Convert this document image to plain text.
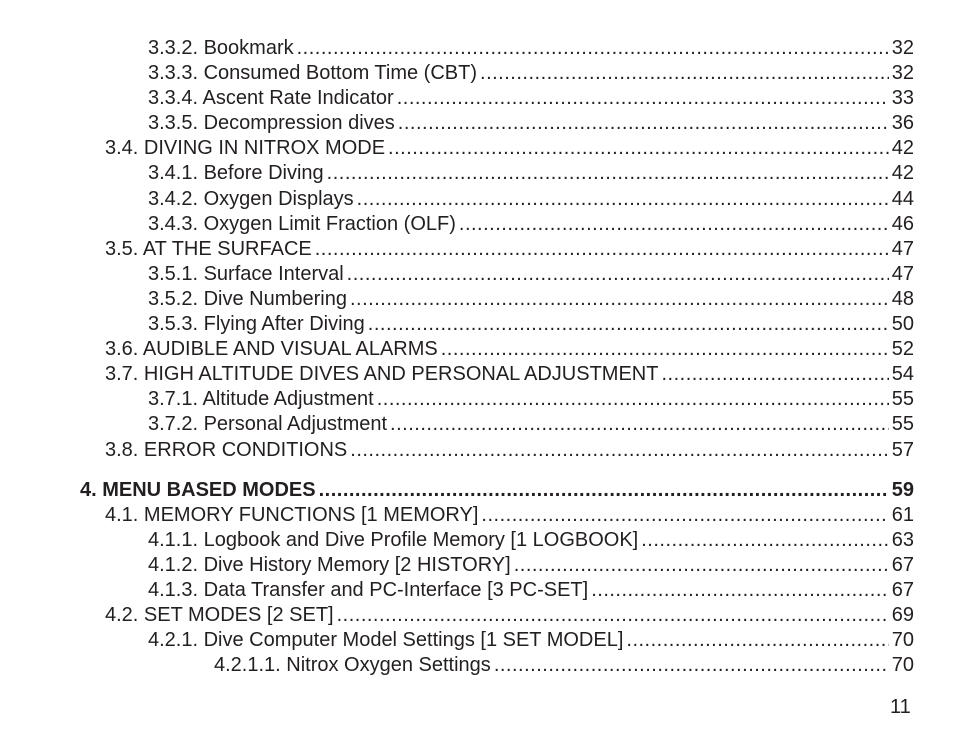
3.3.2. Bookmark .....	32
3.3.3. Consumed Bottom Time (CBT) .....	32
3.3.4. Ascent Rate Indicator .....	33
3.3.5. Decompression dives .....	36
3.4. DIVING IN NITROX MODE .....	42
3.4.1. Before Diving .....	42
3.4.2. Oxygen Displays .....	44
3.4.3. Oxygen Limit Fraction (OLF) .....	46
3.5. AT THE SURFACE .....	47
3.5.1. Surface Interval .....	47
3.5.2. Dive Numbering .....	48
3.5.3. Flying After Diving .....	50
3.6. AUDIBLE AND VISUAL ALARMS .....	52
3.7. HIGH ALTITUDE DIVES AND PERSONAL ADJUSTMENT .....	54
3.7.1. Altitude Adjustment .....	55
3.7.2. Personal Adjustment .....	55
3.8. ERROR CONDITIONS .....	57
4. MENU BASED MODES .....	59
4.1. MEMORY FUNCTIONS [1 MEMORY] .....	61
4.1.1. Logbook and Dive Profile Memory [1 LOGBOOK] .....	63
4.1.2. Dive History Memory [2 HISTORY] .....	67
4.1.3. Data Transfer and PC-Interface [3 PC-SET] .....	67
4.2. SET MODES [2 SET] .....	69
4.2.1. Dive Computer Model Settings [1 SET MODEL] .....	70
4.2.1.1. Nitrox Oxygen Settings .....	70
11
